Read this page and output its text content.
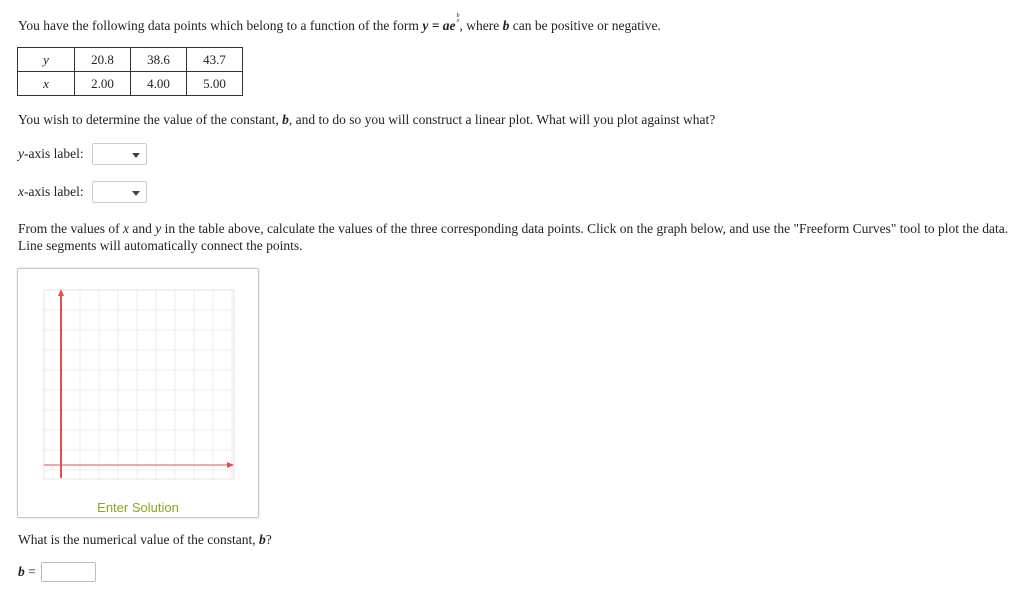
You have the following data points which belong to a function of the form y = ae
b
x , where b can be positive or negative.
y	20.8	38.6	43.7
x	2.00	4.00	5.00
You wish to determine the value of the constant, b, and to do so you will construct a linear plot. What will you plot against what?
y-axis label:
x-axis label:
From the values of x and y in the table above, calculate the values of the three corresponding data points. Click on the graph below, and use the "Freeform Curves" tool to plot the data. Line segments will automatically connect the points.
Enter Solution
What is the numerical value of the constant, b?
b =
